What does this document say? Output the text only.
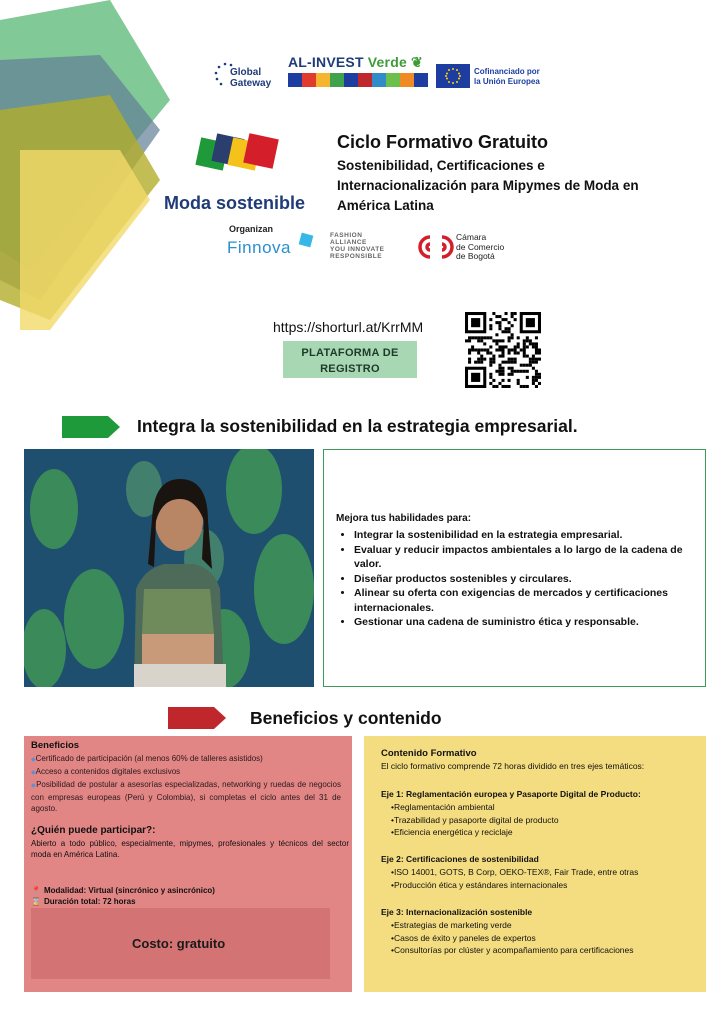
Global
Gateway
AL-INVEST Verde ❦
Cofinanciado por
la Unión Europea
Moda sostenible
Organizan
Finnova
FASHION
ALLIANCE
YOU INNOVATE
RESPONSIBLE
Cámara
de Comercio
de Bogotá
Ciclo Formativo Gratuito
Sostenibilidad, Certificaciones e Internacionalización para Mipymes de Moda en América Latina
https://shorturl.at/KrrMM
PLATAFORMA DE
REGISTRO
Integra la sostenibilidad en la estrategia empresarial.
Mejora tus habilidades para:
• Integrar la sostenibilidad en la estrategia empresarial.
• Evaluar y reducir impactos ambientales a lo largo de la cadena de valor.
• Diseñar productos sostenibles y circulares.
• Alinear su oferta con exigencias de mercados y certificaciones internacionales.
• Gestionar una cadena de suministro ética y responsable.
Beneficios y contenido
Beneficios
◆ Certificado de participación (al menos 60% de talleres asistidos)
◆ Acceso a contenidos digitales exclusivos
◆ Posibilidad de postular a asesorías especializadas, networking y ruedas de negocios con empresas europeas (Perú y Colombia), si completas el ciclo antes del 31 de agosto.
¿Quién puede participar?:
Abierto a todo público, especialmente, mipymes, profesionales y técnicos del sector moda en América Latina.
📍 Modalidad: Virtual (sincrónico y asincrónico)
⌛ Duración total: 72 horas
Costo: gratuito
Contenido Formativo
El ciclo formativo comprende 72 horas dividido en tres ejes temáticos:
Eje 1: Reglamentación europea y Pasaporte Digital de Producto:
• Reglamentación ambiental
• Trazabilidad y pasaporte digital de producto
• Eficiencia energética y reciclaje
Eje 2: Certificaciones de sostenibilidad
• ISO 14001, GOTS, B Corp, OEKO-TEX®, Fair Trade, entre otras
• Producción ética y estándares internacionales
Eje 3: Internacionalización sostenible
• Estrategias de marketing verde
• Casos de éxito y paneles de expertos
• Consultorías por clúster y acompañamiento para certificaciones
